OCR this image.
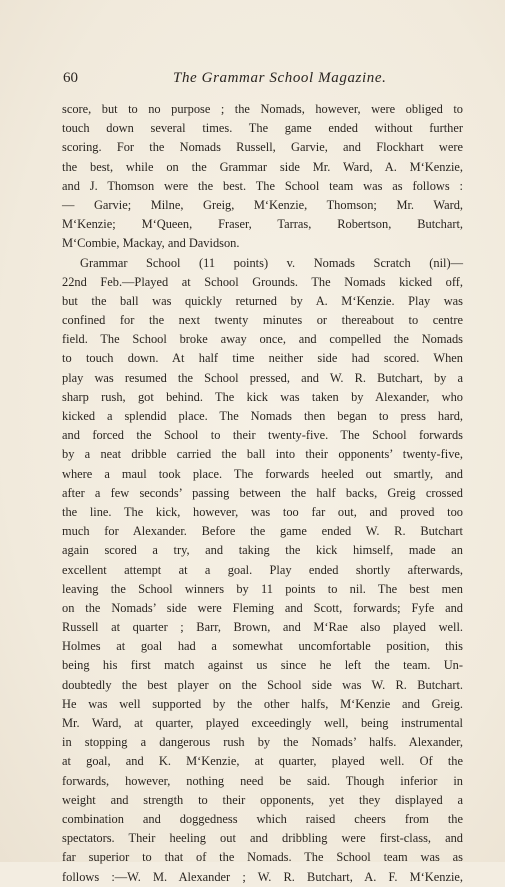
60	The Grammar School Magazine.
score, but to no purpose ; the Nomads, however, were obliged to
touch down several times. The game ended without further
scoring. For the Nomads Russell, Garvie, and Flockhart were
the best, while on the Grammar side Mr. Ward, A. M‘Kenzie,
and J. Thomson were the best. The School team was as follows :
— Garvie; Milne, Greig, M‘Kenzie, Thomson; Mr. Ward,
M‘Kenzie; M‘Queen, Fraser, Tarras, Robertson, Butchart,
M‘Combie, Mackay, and Davidson.
Grammar School (11 points) v. Nomads Scratch (nil)—
22nd Feb.—Played at School Grounds. The Nomads kicked off,
but the ball was quickly returned by A. M‘Kenzie. Play was
confined for the next twenty minutes or thereabout to centre
field. The School broke away once, and compelled the Nomads
to touch down. At half time neither side had scored. When
play was resumed the School pressed, and W. R. Butchart, by a
sharp rush, got behind. The kick was taken by Alexander, who
kicked a splendid place. The Nomads then began to press hard,
and forced the School to their twenty-five. The School forwards
by a neat dribble carried the ball into their opponents’ twenty-five,
where a maul took place. The forwards heeled out smartly, and
after a few seconds’ passing between the half backs, Greig crossed
the line. The kick, however, was too far out, and proved too
much for Alexander. Before the game ended W. R. Butchart
again scored a try, and taking the kick himself, made an
excellent attempt at a goal. Play ended shortly afterwards,
leaving the School winners by 11 points to nil. The best men
on the Nomads’ side were Fleming and Scott, forwards; Fyfe and
Russell at quarter ; Barr, Brown, and M‘Rae also played well.
Holmes at goal had a somewhat uncomfortable position, this
being his first match against us since he left the team. Un-
doubtedly the best player on the School side was W. R. Butchart.
He was well supported by the other halfs, M‘Kenzie and Greig.
Mr. Ward, at quarter, played exceedingly well, being instrumental
in stopping a dangerous rush by the Nomads’ halfs. Alexander,
at goal, and K. M‘Kenzie, at quarter, played well. Of the
forwards, however, nothing need be said. Though inferior in
weight and strength to their opponents, yet they displayed a
combination and doggedness which raised cheers from the
spectators. Their heeling out and dribbling were first-class, and
far superior to that of the Nomads. The School team was as
follows :—W. M. Alexander ; W. R. Butchart, A. F. M‘Kenzie,
